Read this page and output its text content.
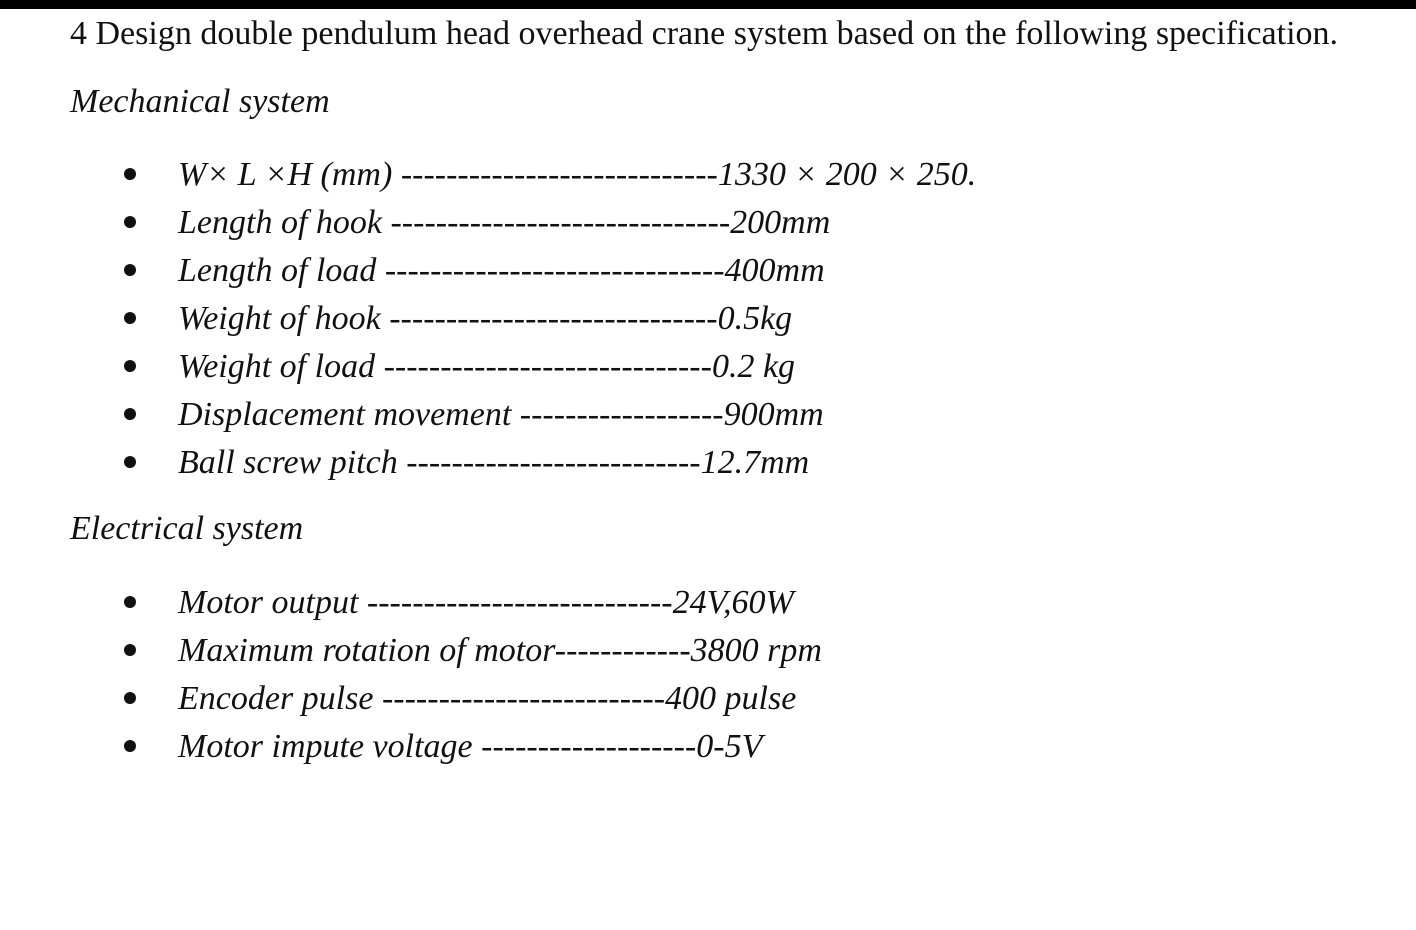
4 Design double pendulum head overhead crane system based on the following specification.
Mechanical system
W× L ×H (mm) ----------------------------1330 × 200 × 250.
Length of hook ------------------------------200mm
Length of load ------------------------------400mm
Weight of hook -----------------------------0.5kg
Weight of load -----------------------------0.2 kg
Displacement movement ------------------900mm
Ball screw pitch --------------------------12.7mm
Electrical system
Motor output ---------------------------24V,60W
Maximum rotation of motor------------3800 rpm
Encoder pulse -------------------------400 pulse
Motor impute voltage -------------------0-5V
